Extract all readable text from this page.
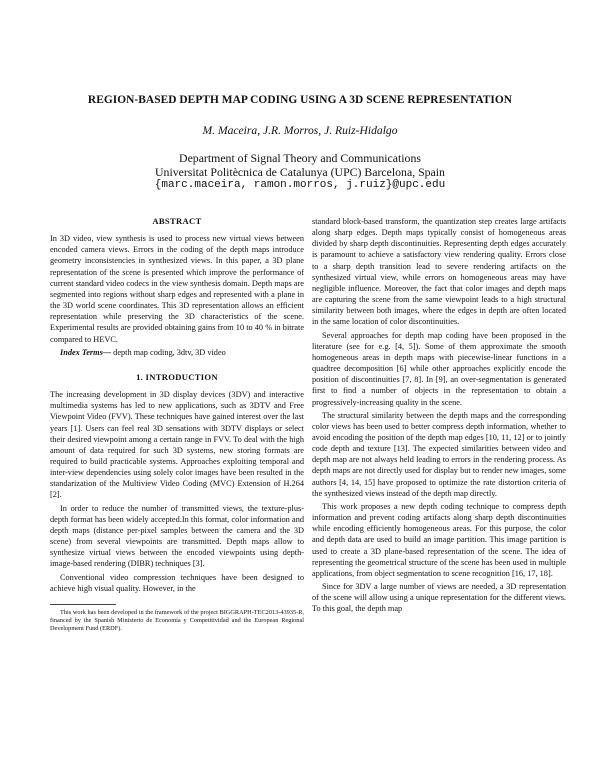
REGION-BASED DEPTH MAP CODING USING A 3D SCENE REPRESENTATION
M. Maceira, J.R. Morros, J. Ruiz-Hidalgo
Department of Signal Theory and Communications
Universitat Politècnica de Catalunya (UPC) Barcelona, Spain
{marc.maceira, ramon.morros, j.ruiz}@upc.edu
ABSTRACT

In 3D video, view synthesis is used to process new virtual views between encoded camera views. Errors in the coding of the depth maps introduce geometry inconsistencies in synthesized views. In this paper, a 3D plane representation of the scene is presented which improve the performance of current standard video codecs in the view synthesis domain. Depth maps are segmented into regions without sharp edges and represented with a plane in the 3D world scene coordinates. This 3D representation allows an efficient representation while preserving the 3D characteristics of the scene. Experimental results are provided obtaining gains from 10 to 40 % in bitrate compared to HEVC.

Index Terms— depth map coding, 3dtv, 3D video

1. INTRODUCTION

The increasing development in 3D display devices (3DV) and interactive multimedia systems has led to new applications, such as 3DTV and Free Viewpoint Video (FVV). These techniques have gained interest over the last years [1]. Users can feel real 3D sensations with 3DTV displays or select their desired viewpoint among a certain range in FVV. To deal with the high amount of data required for such 3D systems, new storing formats are required to build practicable systems. Approaches exploiting temporal and inter-view dependencies using solely color images have been resulted in the standarization of the Multiview Video Coding (MVC) Extension of H.264 [2].

In order to reduce the number of transmitted views, the texture-plus-depth format has been widely accepted.In this format, color information and depth maps (distance per-pixel samples between the camera and the 3D scene) from several viewpoints are transmitted. Depth maps allow to synthesize virtual views between the encoded viewpoints using depth-image-based rendering (DIBR) techniques [3].

Conventional video compression techniques have been designed to achieve high visual quality. However, in the

This work has been developed in the framework of the project BIGGRAPH-TEC2013-43935-R, financed by the Spanish Ministerio de Economía y Competitividad and the European Regional Development Fund (ERDF).

standard block-based transform, the quantization step creates large artifacts along sharp edges. Depth maps typically consist of homogeneous areas divided by sharp depth discontinuities. Representing depth edges accurately is paramount to achieve a satisfactory view rendering quality. Errors close to a sharp depth transition lead to severe rendering artifacts on the synthesized virtual view, while errors on homogeneous areas may have negligible influence. Moreover, the fact that color images and depth maps are capturing the scene from the same viewpoint leads to a high structural similarity between both images, where the edges in depth are often located in the same location of color discontinuities.

Several approaches for depth map coding have been proposed in the literature (see for e.g. [4, 5]). Some of them approximate the smooth homogeneous areas in depth maps with piecewise-linear functions in a quadtree decomposition [6] while other approaches explicitly encode the position of discontinuities [7, 8]. In [9], an over-segmentation is generated first to find a number of objects in the representation to obtain a progressively-increasing quality in the scene.

The structural similarity between the depth maps and the corresponding color views has been used to better compress depth information, whether to avoid encoding the position of the depth map edges [10, 11, 12] or to jointly code depth and texture [13]. The expected similarities between video and depth map are not always held leading to errors in the rendering process. As depth maps are not directly used for display but to render new images, some authors [4, 14, 15] have proposed to optimize the rate distortion criteria of the synthesized views instead of the depth map directly.

This work proposes a new depth coding technique to compress depth information and prevent coding artifacts along sharp depth discontinuities while encoding efficiently homogeneous areas. For this purpose, the color and depth data are used to build an image partition. This image partition is used to create a 3D plane-based representation of the scene. The idea of representing the geometrical structure of the scene has been used in multiple applications, from object segmentation to scene recognition [16, 17, 18].

Since for 3DV a large number of views are needed, a 3D representation of the scene will allow using a unique representation for the different views. To this goal, the depth map
